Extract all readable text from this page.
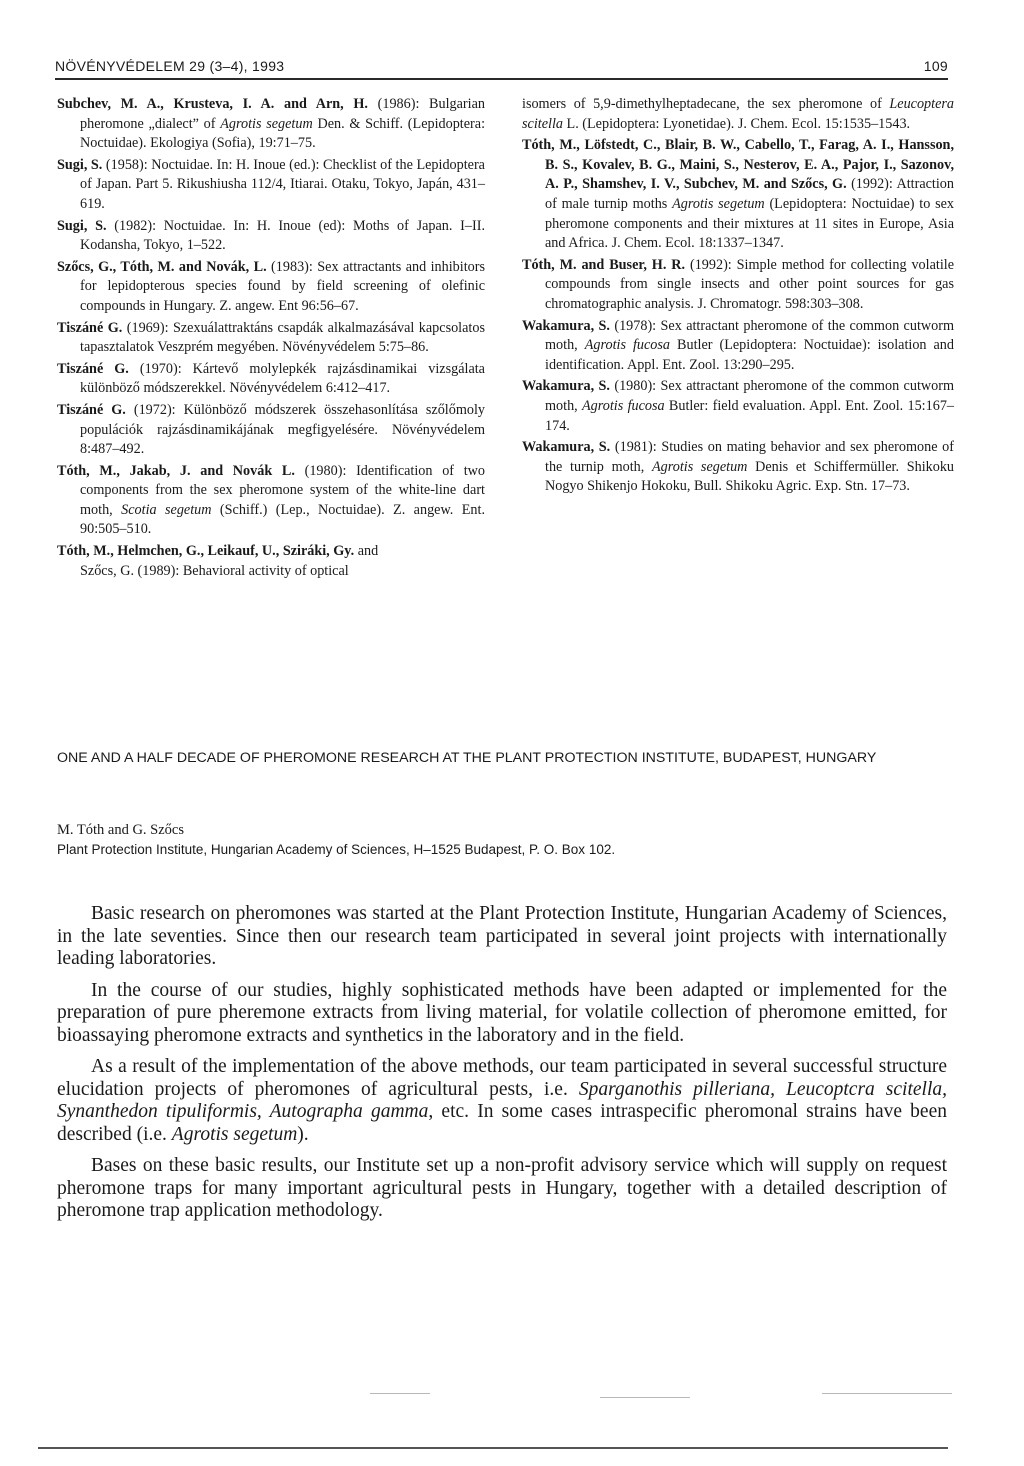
NÖVÉNYVÉDELEM 29 (3–4), 1993	109

Subchev, M. A., Krusteva, I. A. and Arn, H. (1986): Bulgarian pheromone „dialect” of Agrotis segetum Den. & Schiff. (Lepidoptera: Noctuidae). Ekologiya (Sofia), 19:71–75.

Sugi, S. (1958): Noctuidae. In: H. Inoue (ed.): Checklist of the Lepidoptera of Japan. Part 5. Rikushiusha 112/4, Itiarai. Otaku, Tokyo, Japán, 431–619.

Sugi, S. (1982): Noctuidae. In: H. Inoue (ed): Moths of Japan. I–II. Kodansha, Tokyo, 1–522.

Szőcs, G., Tóth, M. and Novák, L. (1983): Sex attractants and inhibitors for lepidopterous species found by field screening of olefinic compounds in Hungary. Z. angew. Ent 96:56–67.

Tiszáné G. (1969): Szexuálattraktáns csapdák alkalmazásával kapcsolatos tapasztalatok Veszprém megyében. Növényvédelem 5:75–86.

Tiszáné G. (1970): Kártevő molylepkék rajzásdinamikai vizsgálata különböző módszerekkel. Növényvédelem 6:412–417.

Tiszáné G. (1972): Különböző módszerek összehasonlítása szőlőmoly populációk rajzásdinamikájának megfigyelésére. Növényvédelem 8:487–492.

Tóth, M., Jakab, J. and Novák L. (1980): Identification of two components from the sex pheromone system of the white-line dart moth, Scotia segetum (Schiff.) (Lep., Noctuidae). Z. angew. Ent. 90:505–510.

Tóth, M., Helmchen, G., Leikauf, U., Sziráki, Gy. and
Szőcs, G. (1989): Behavioral activity of optical

isomers of 5,9-dimethylheptadecane, the sex pheromone of Leucoptera scitella L. (Lepidoptera: Lyonetidae). J. Chem. Ecol. 15:1535–1543.

Tóth, M., Löfstedt, C., Blair, B. W., Cabello, T., Farag, A. I., Hansson, B. S., Kovalev, B. G., Maini, S., Nesterov, E. A., Pajor, I., Sazonov, A. P., Shamshev, I. V., Subchev, M. and Szőcs, G. (1992): Attraction of male turnip moths Agrotis segetum (Lepidoptera: Noctuidae) to sex pheromone components and their mixtures at 11 sites in Europe, Asia and Africa. J. Chem. Ecol. 18:1337–1347.

Tóth, M. and Buser, H. R. (1992): Simple method for collecting volatile compounds from single insects and other point sources for gas chromatographic analysis. J. Chromatogr. 598:303–308.

Wakamura, S. (1978): Sex attractant pheromone of the common cutworm moth, Agrotis fucosa Butler (Lepidoptera: Noctuidae): isolation and identification. Appl. Ent. Zool. 13:290–295.

Wakamura, S. (1980): Sex attractant pheromone of the common cutworm moth, Agrotis fucosa Butler: field evaluation. Appl. Ent. Zool. 15:167–174.

Wakamura, S. (1981): Studies on mating behavior and sex pheromone of the turnip moth, Agrotis segetum Denis et Schiffermüller. Shikoku Nogyo Shikenjo Hokoku, Bull. Shikoku Agric. Exp. Stn. 17–73.

ONE AND A HALF DECADE OF PHEROMONE RESEARCH AT THE PLANT PROTECTION INSTITUTE, BUDAPEST, HUNGARY
M. Tóth and G. Szőcs
Plant Protection Institute, Hungarian Academy of Sciences, H–1525 Budapest, P. O. Box 102.

Basic research on pheromones was started at the Plant Protection Institute, Hungarian Academy of Sciences, in the late seventies. Since then our research team participated in several joint projects with internationally leading laboratories.

In the course of our studies, highly sophisticated methods have been adapted or implemented for the preparation of pure pheremone extracts from living material, for volatile collection of pheromone emitted, for bioassaying pheromone extracts and synthetics in the laboratory and in the field.

As a result of the implementation of the above methods, our team participated in several successful structure elucidation projects of pheromones of agricultural pests, i.e. Sparganothis pilleriana, Leucoptcra scitella, Synanthedon tipuliformis, Autographa gamma, etc. In some cases intraspecific pheromonal strains have been described (i.e. Agrotis segetum).

Bases on these basic results, our Institute set up a non-profit advisory service which will supply on request pheromone traps for many important agricultural pests in Hungary, together with a detailed description of pheromone trap application methodology.
